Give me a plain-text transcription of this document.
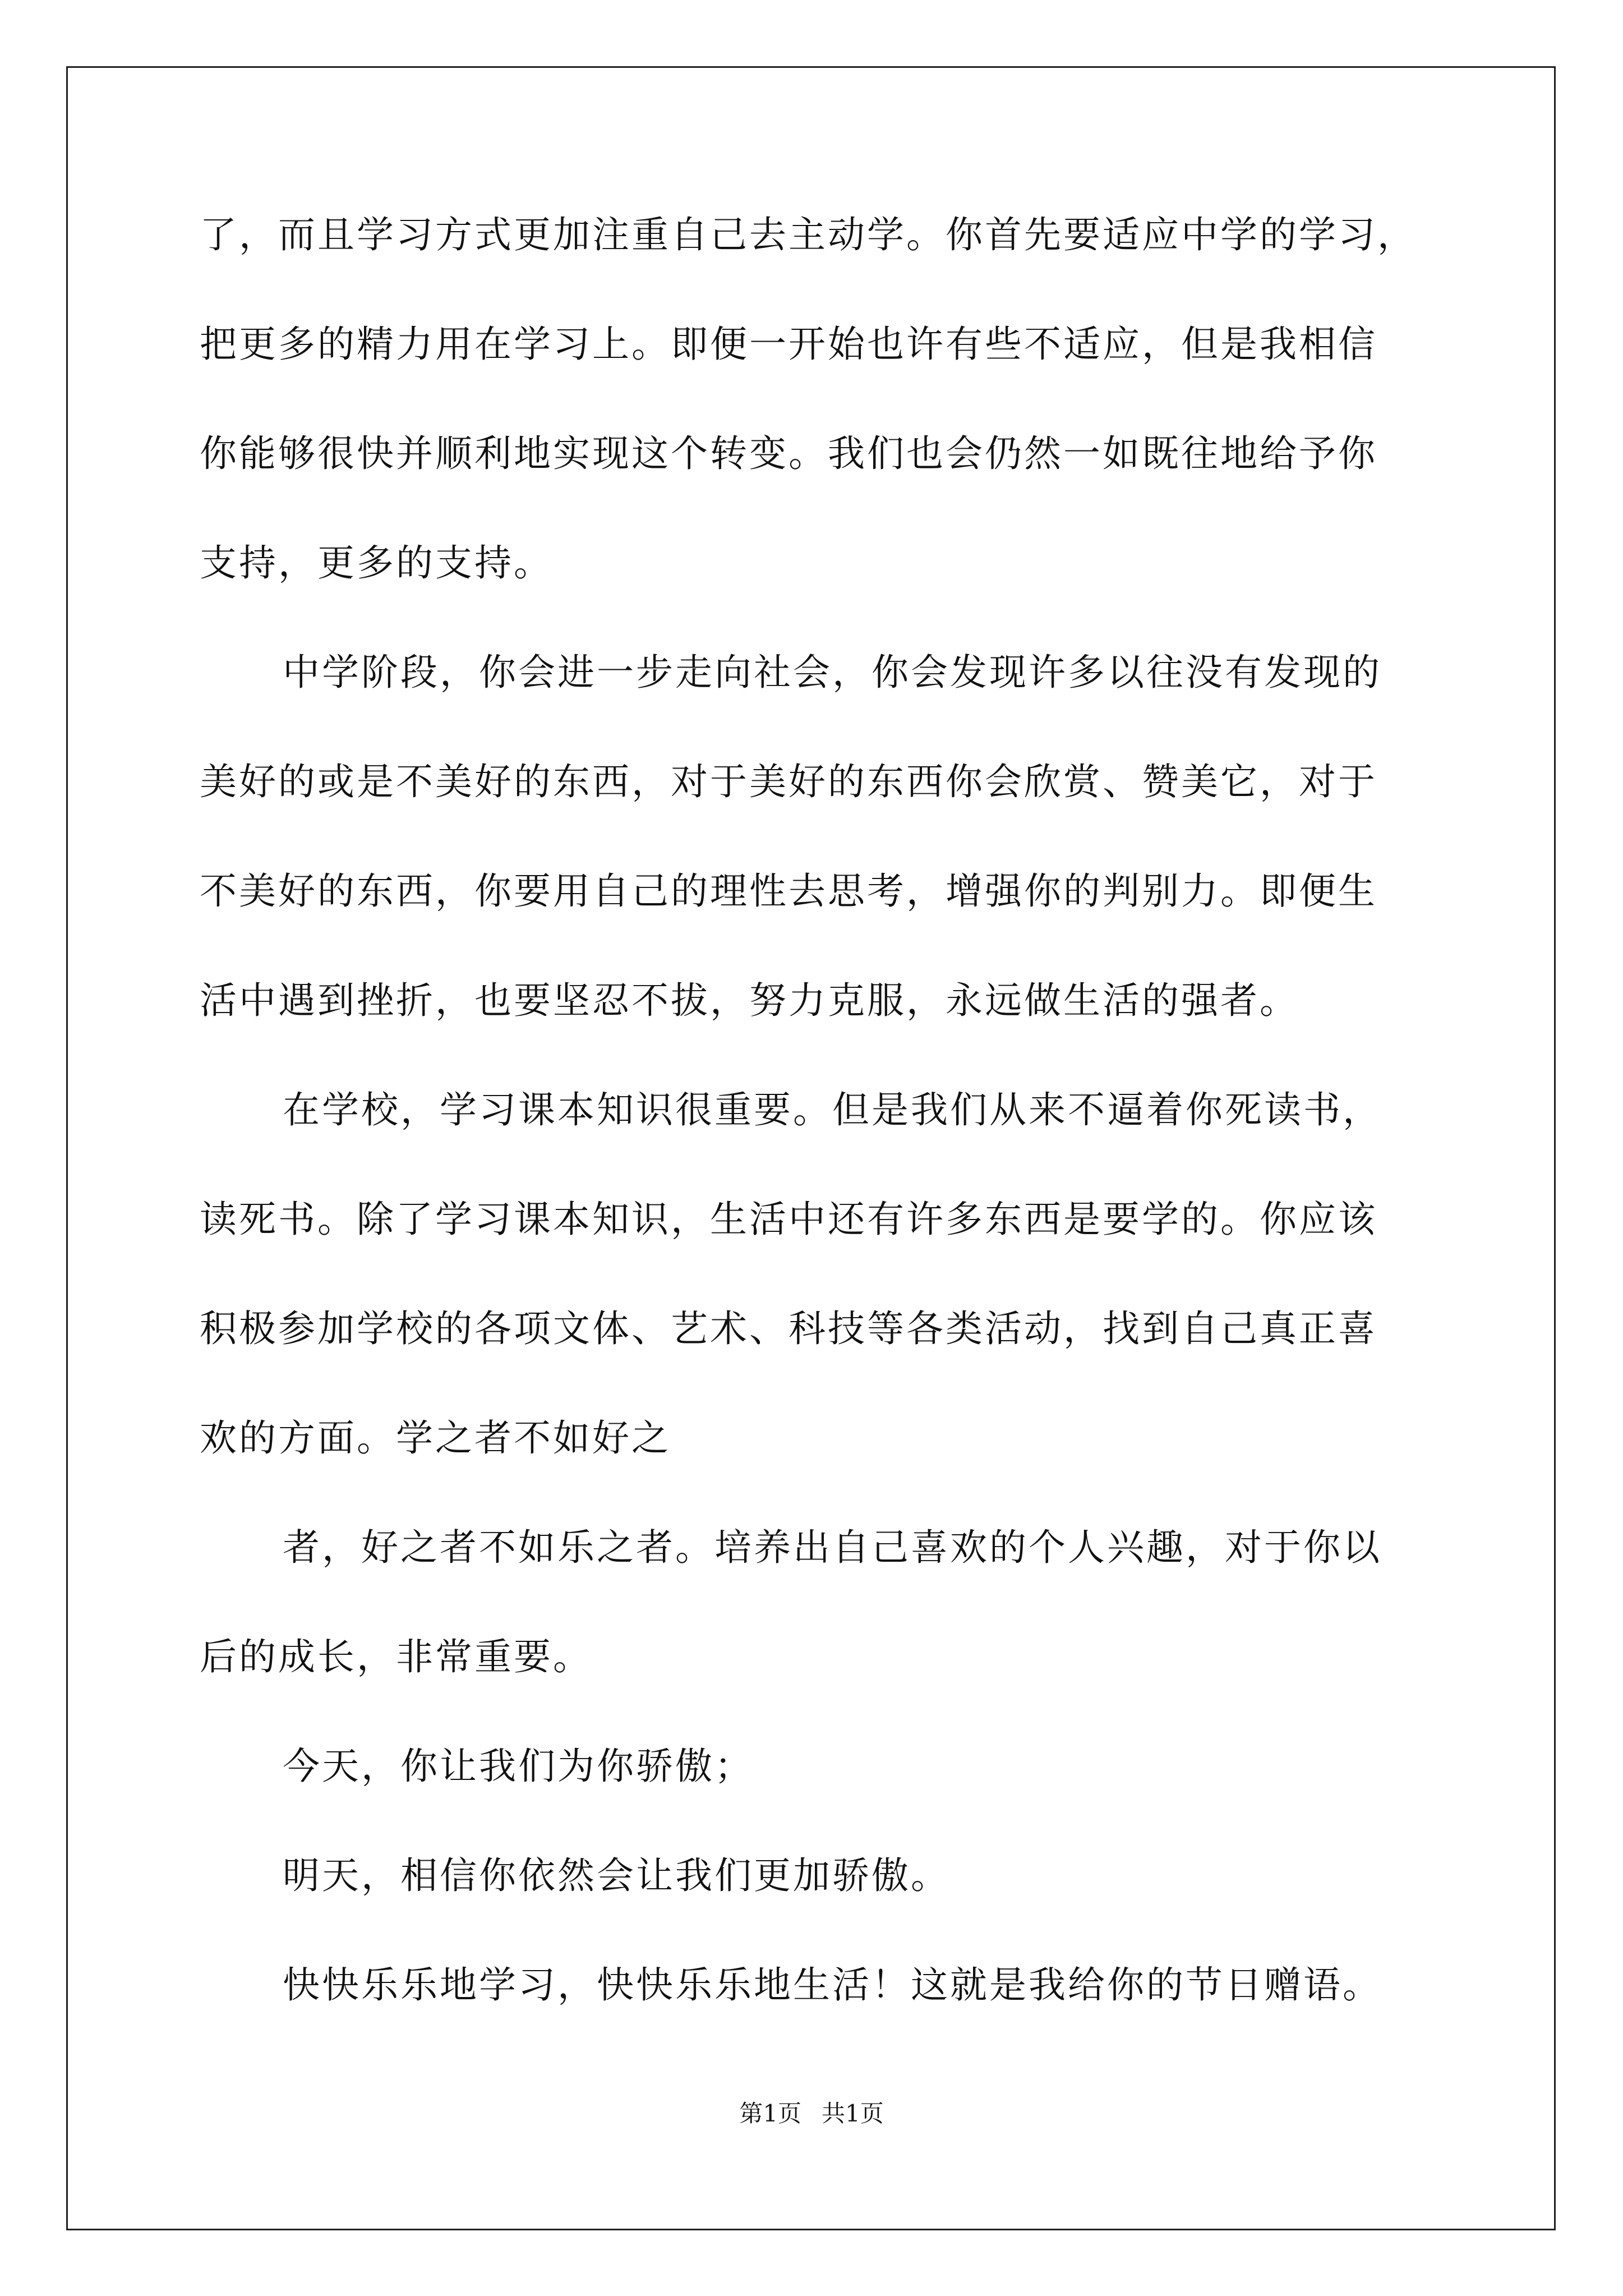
了，而且学习方式更加注重自己去主动学。你首先要适应中学的学习，
把更多的精力用在学习上。即便一开始也许有些不适应，但是我相信
你能够很快并顺利地实现这个转变。我们也会仍然一如既往地给予你
支持，更多的支持。
中学阶段，你会进一步走向社会，你会发现许多以往没有发现的
美好的或是不美好的东西，对于美好的东西你会欣赏、赞美它，对于
不美好的东西，你要用自己的理性去思考，增强你的判别力。即便生
活中遇到挫折，也要坚忍不拔，努力克服，永远做生活的强者。
在学校，学习课本知识很重要。但是我们从来不逼着你死读书，
读死书。除了学习课本知识，生活中还有许多东西是要学的。你应该
积极参加学校的各项文体、艺术、科技等各类活动，找到自己真正喜
欢的方面。学之者不如好之
者，好之者不如乐之者。培养出自己喜欢的个人兴趣，对于你以
后的成长，非常重要。
今天，你让我们为你骄傲；
明天，相信你依然会让我们更加骄傲。
快快乐乐地学习，快快乐乐地生活！这就是我给你的节日赠语。
第1页 共1页
